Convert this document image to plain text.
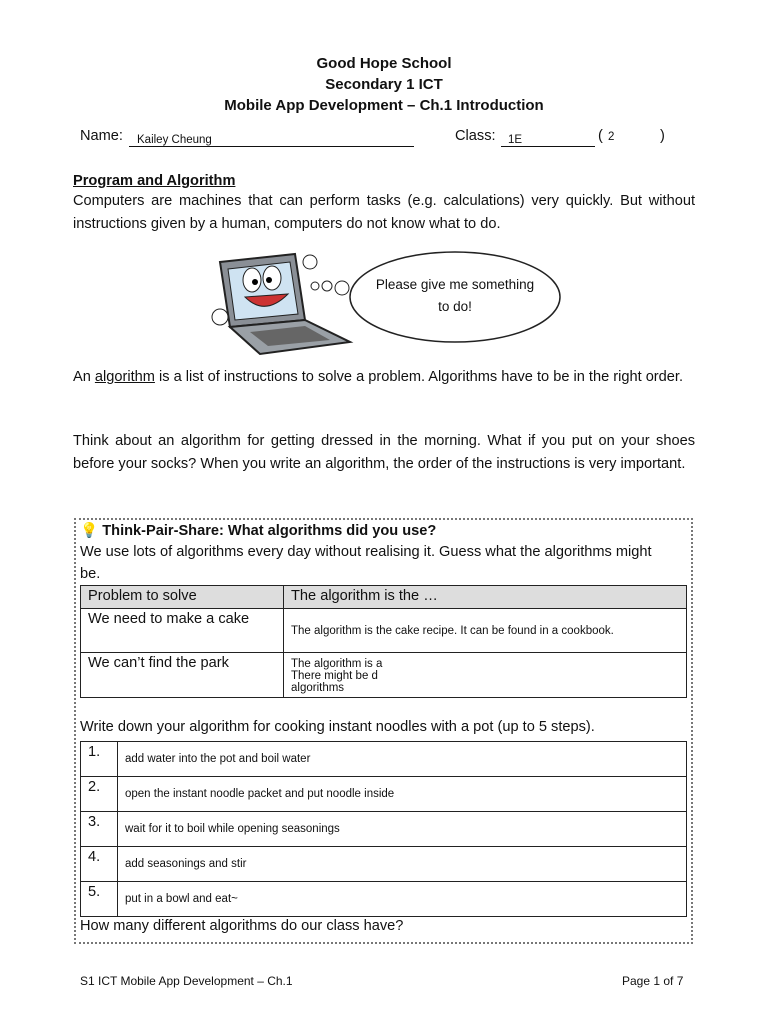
Good Hope School
Secondary 1 ICT
Mobile App Development – Ch.1 Introduction
Name:	Kailey Cheung	Class:	1E	( 2	)
Program and Algorithm
Computers are machines that can perform tasks (e.g. calculations) very quickly. But without instructions given by a human, computers do not know what to do.
Please give me something to do!
An algorithm is a list of instructions to solve a problem. Algorithms have to be in the right order.
Think about an algorithm for getting dressed in the morning. What if you put on your shoes before your socks? When you write an algorithm, the order of the instructions is very important.
💡 Think-Pair-Share: What algorithms did you use?
We use lots of algorithms every day without realising it. Guess what the algorithms might be.
Problem to solve	The algorithm is the …
We need to make a cake	The algorithm is the cake recipe. It can be found in a cookbook.
We can’t find the park	The algorithm is a
There might be d
algorithms
Write down your algorithm for cooking instant noodles with a pot (up to 5 steps).
1.	add water into the pot and boil water
2.	open the instant noodle packet and put noodle inside
3.	wait for it to boil while opening seasonings
4.	add seasonings and stir
5.	put in a bowl and eat~
How many different algorithms do our class have?
S1 ICT Mobile App Development – Ch.1	Page 1 of 7
